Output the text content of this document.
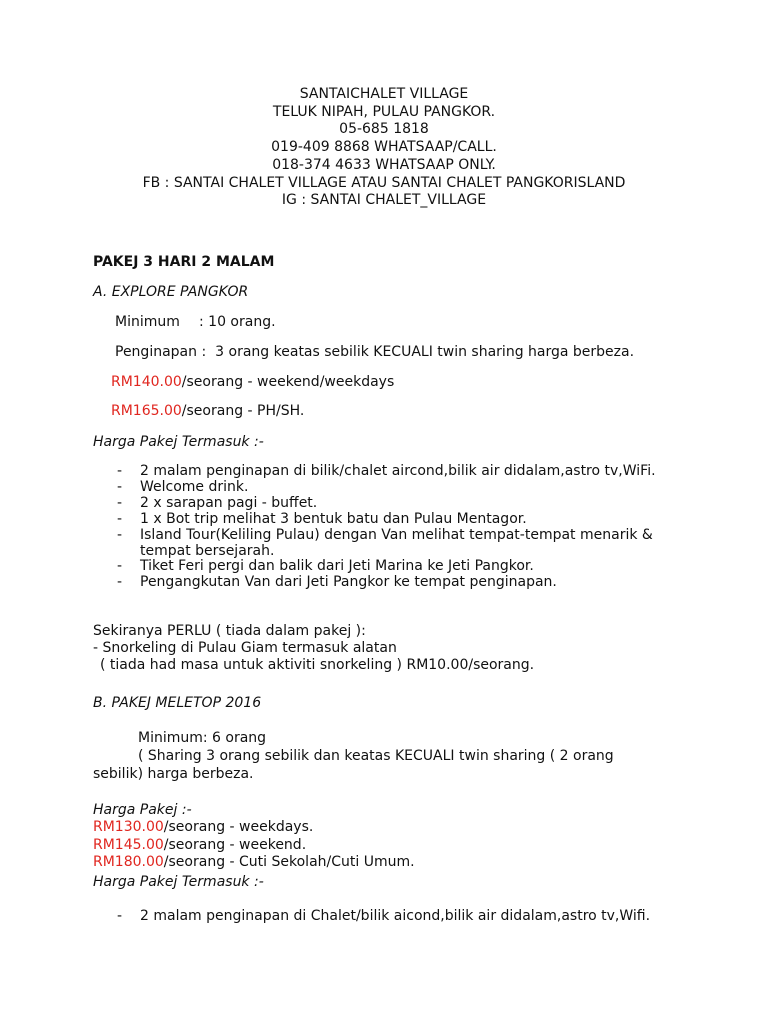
SANTAICHALET VILLAGE
TELUK NIPAH, PULAU PANGKOR.
05-685 1818
019-409 8868 WHATSAAP/CALL.
018-374 4633 WHATSAAP ONLY.
FB : SANTAI CHALET VILLAGE ATAU SANTAI CHALET PANGKORISLAND
IG : SANTAI CHALET_VILLAGE
PAKEJ 3 HARI 2 MALAM
A. EXPLORE PANGKOR
Minimum : 10 orang.
Penginapan : 3 orang keatas sebilik KECUALI twin sharing harga berbeza.
RM140.00/seorang - weekend/weekdays
RM165.00/seorang - PH/SH.
Harga Pakej Termasuk :-
- 2 malam penginapan di bilik/chalet aircond,bilik air didalam,astro tv,WiFi.
- Welcome drink.
- 2 x sarapan pagi - buffet.
- 1 x Bot trip melihat 3 bentuk batu dan Pulau Mentagor.
- Island Tour(Keliling Pulau) dengan Van melihat tempat-tempat menarik & tempat bersejarah.
- Tiket Feri pergi dan balik dari Jeti Marina ke Jeti Pangkor.
- Pengangkutan Van dari Jeti Pangkor ke tempat penginapan.
Sekiranya PERLU ( tiada dalam pakej ):
- Snorkeling di Pulau Giam termasuk alatan
( tiada had masa untuk aktiviti snorkeling ) RM10.00/seorang.
B. PAKEJ MELETOP 2016
Minimum: 6 orang
( Sharing 3 orang sebilik dan keatas KECUALI twin sharing ( 2 orang sebilik) harga berbeza.
Harga Pakej :-
RM130.00/seorang - weekdays.
RM145.00/seorang - weekend.
RM180.00/seorang - Cuti Sekolah/Cuti Umum.
Harga Pakej Termasuk :-
- 2 malam penginapan di Chalet/bilik aicond,bilik air didalam,astro tv,Wifi.
